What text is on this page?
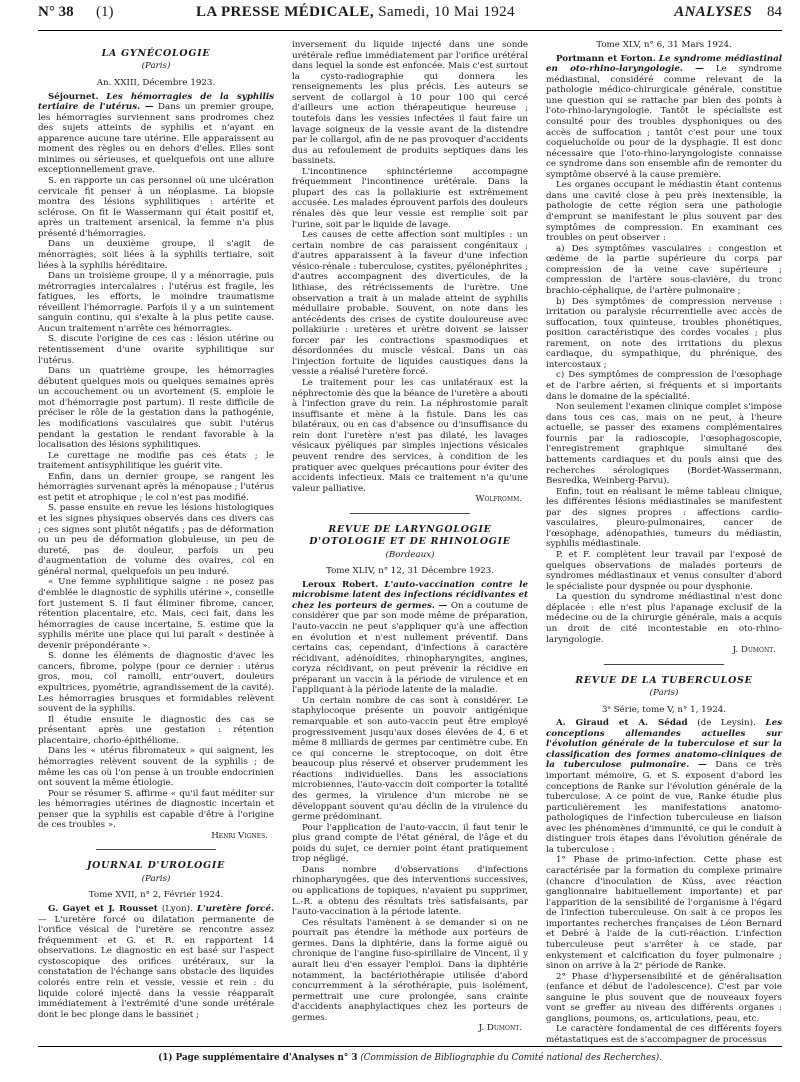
N° 38	(1)	LA PRESSE MÉDICALE, Samedi, 10 Mai 1924	ANALYSES	84
LA GYNÉCOLOGIE
(Paris)
An. XXIII, Décembre 1923.

Séjournet. Les hémorragies de la syphilis tertiaire de l'utérus. — Dans un premier groupe, les hémorragies surviennent sans prodromes chez des sujets atteints de syphilis et n'ayant en apparence aucune tare utérine. Elle apparaissent au moment des règles ou en dehors d'elles. Elles sont minimes ou sérieuses, et quelquefois ont une allure exceptionnellement grave.

S. en rapporte un cas personnel où une ulcération cervicale fit penser à un néoplasme. La biopsie montra des lésions syphilitiques : artérite et sclérose. On fit le Wassermann qui était positif et, après un traitement arsenical, la femme n'a plus présenté d'hémorragies.

Dans un deuxième groupe, il s'agit de ménorragies, soit liées à la syphilis tertiaire, soit liées à la syphilis héréditaire.

Dans un troisième groupe, il y a ménorragie, puis métrorragies intercalaires : l'utérus est fragile, les fatigues, les efforts, le moindre traumatisme réveillent l'hémorragie. Parfois il y a un suintement sanguin continu, qui s'exalte à la plus petite cause. Aucun traitement n'arrête ces hémorragies.

S. discute l'origine de ces cas : lésion utérine ou retentissement d'une ovarite syphilitique sur l'utérus.

Dans un quatrième groupe, les hémorragies débutent quelques mois ou quelques semaines après un accouchement ou un avortement (S. emploie le mot d'hémorragie post partum). Il reste difficile de préciser le rôle de la gestation dans la pathogénie, les modifications vasculaires que subit l'utérus pendant la gestation le rendant favorable à la localisation des lésions syphilitiques.

Le curettage ne modifie pas ces états ; le traitement antisyphilitique les guérit vite.

Enfin, dans un dernier groupe, se rangent les hémorragies survenant après la ménopause ; l'utérus est petit et atrophique ; le col n'est pas modifié.

S. passe ensuite en revue les lésions histologiques et les signes physiques observés dans ces divers cas ; ces signes sont plutôt négatifs ; pas de déformation ou un peu de déformation globuleuse, un peu de dureté, pas de douleur, parfois un peu d'augmentation de volume des ovaires, col en général normal, quelquefois un peu induré.

« Une femme syphilitique saigne : ne posez pas d'emblée le diagnostic de syphilis utérine », conseille fort justement S. Il faut éliminer fibrome, cancer, rétention placentaire, etc. Mais, ceci fait, dans les hémorragies de cause incertaine, S. estime que la syphilis mérite une place qui lui paraît « destinée à devenir prépondérante ».

S. donne les éléments de diagnostic d'avec les cancers, fibrome, polype (pour ce dernier : utérus gros, mou, col ramolli, entr'ouvert, douleurs expultrices, pyométrie, agrandissement de la cavité). Les hémorragies brusques et formidables relèvent souvent de la syphilis.

Il étudie ensuite le diagnostic des cas se présentant après une gestation : rétention placentaire, chorio-épithéliome.

Dans les « utérus fibromateux » qui saignent, les hémorragies relèvent souvent de la syphilis ; de même les cas où l'on pense à un trouble endocrinien ont souvent la même étiologie.

Pour se résumer S. affirme « qu'il faut méditer sur les hémorragies utérines de diagnostic incertain et penser que la syphilis est capable d'être à l'origine de ces troubles ».

Henri Vignes.
JOURNAL D'UROLOGIE
(Paris)
Tome XVII, n° 2, Février 1924.

G. Gayet et J. Rousset (Lyon). L'uretère forcé. — L'uretère forcé ou dilatation permanente de l'orifice vésical de l'uretère se rencontre assez fréquemment et G. et R. en rapportent 14 observations. Le diagnostic en est basé sur l'aspect cystoscopique des orifices urétéraux, sur la constatation de l'échange sans obstacle des liquides colorés entre rein et vessie, vessie et rein : du liquide coloré injecté dans la vessie réapparaît immédiatement à l'extrémité d'une sonde urétérale dont le bec plonge dans le bassinet ;

inversement du liquide injecté dans une sonde urétérale reflue immédiatement par l'orifice urétéral dans lequel la sonde est enfoncée. Mais c'est surtout la cysto-radiographie qui donnera les renseignements les plus précis. Les auteurs se servent de collargol à 10 pour 100 qui cercé d'ailleurs une action thérapeutique heureuse ; toutefois dans les vessies infectées il faut faire un lavage soigneux de la vessie avant de la distendre par le collargol, afin de ne pas provoquer d'accidents dus au refoulement de produits septiques dans les bassinets.

L'incontinence sphinctérienne accompagne fréquemment l'incontinence urétérale. Dans la plupart des cas la pollakiurie est extrêmement accusée. Les malades éprouvent parfois des douleurs rénales dès que leur vessie est remplie soit par l'urine, soit par le liquide de lavage.

Les causes de cette affection sont multiples : un certain nombre de cas paraissent congénitaux ; d'autres apparaissent à la faveur d'une infection vésico-rénale : tuberculose, cystites, pyélonéphrites ; d'autres accompagnent des diverticules, de la lithiase, des rétrécissements de l'urètre. Une observation a trait à un malade atteint de syphilis médullaire probable. Souvent, on note dans les antécédents des crises de cystite douloureuse avec pollakiurie : uretères et urètre doivent se laisser forcer par les contractions spasmodiques et désordonnées du muscle vésical. Dans un cas l'injection fortuite de liquides caustiques dans la vessie a réalisé l'uretère forcé.

Le traitement pour les cas unilatéraux est la néphrectomie dès que la béance de l'uretère a abouti à l'infection grave du rein. La néphrostomie paraît insuffisante et mène à la fistule. Dans les cas bilatéraux, ou en cas d'absence ou d'insuffisance du rein dont l'uretère n'est pas dilaté, les lavages vésicaux pyéliques par simples injections vésicales peuvent rendre des services, à condition de les pratiquer avec quelques précautions pour éviter des accidents infectieux. Mais ce traitement n'a qu'une valeur palliative.

Wolfromm.
REVUE DE LARYNGOLOGIE
D'OTOLOGIE ET DE RHINOLOGIE
(Bordeaux)
Tome XLIV, n° 12, 31 Décembre 1923.

Leroux Robert. L'auto-vaccination contre le microbisme latent des infections récidivantes et chez les porteurs de germes. — On a coutume de considérer que par son mode même de préparation, l'auto-vaccin ne peut s'appliquer qu'à une affection en évolution et n'est nullement préventif. Dans certains cas, cependant, d'infections à caractère récidivant, adénoïdites, rhinopharyngites, angines, coryza récidivant, on peut prévenir la récidive en préparant un vaccin à la période de virulence et en l'appliquant à la période latente de la maladie.

Un certain nombre de cas sont à considérer. Le staphylocoque présente un pouvoir antigénique remarquable et son auto-vaccin peut être employé progressivement jusqu'aux doses élevées de 4, 6 et même 8 milliards de germes par centimètre cube. En ce qui concerne le streptocoque, on doit être beaucoup plus réservé et observer prudemment les réactions individuelles. Dans les associations microbiennes, l'auto-vaccin doit comporter la totalité des germes, la virulence d'un microbe ne se développant souvent qu'au déclin de la virulence du germe prédominant.

Pour l'application de l'auto-vaccin, il faut tenir le plus grand compte de l'état général, de l'âge et du poids du sujet, ce dernier point étant pratiquement trop négligé.

Dans nombre d'observations d'infections rhinopharyngées, que des interventions successives, ou applications de topiques, n'avaient pu supprimer, L.-R. a obtenu des résultats très satisfaisants, par l'auto-vaccination à la période latente.

Ces résultats l'amènent à se demander si on ne pourrait pas étendre la méthode aux porteurs de germes. Dans la diphtérie, dans la forme aiguë ou chronique de l'angine fuso-spirillaire de Vincent, il y aurait lieu d'en essayer l'emploi. Dans la diphtérie notamment, la bactériothérapie utilisée d'abord concurremment à la sérothérapie, puis isolément, permettrait une cure prolongée, sans crainte d'accidents anaphylactiques chez les porteurs de germes.

J. Dumont.
Tome XLV, n° 6, 31 Mars 1924.

Portmann et Forton. Le syndrome médiastinal en oto-rhino-laryngologie. — Le syndrome médiastinal, considéré comme relevant de la pathologie médico-chirurgicale générale, constitue une question qui se rattache par bien des points à l'oto-rhino-laryngologie. Tantôt le spécialiste est consulté pour des troubles dysphoniques ou des accès de suffocation ; tantôt c'est pour une toux coqueluchoïde ou pour de la dysphagie. Il est donc nécessaire que l'oto-rhino-laryngologiste connaisse ce syndrome dans son ensemble afin de remonter du symptôme observé à la cause première.

Les organes occupant le médiastin étant contenus dans une cavité close à peu près inextensible, la pathologie de cette région sera une pathologie d'emprunt se manifestant le plus souvent par des symptômes de compression. En examinant ces troubles on peut observer :

a) Des symptômes vasculaires : congestion et œdème de la partie supérieure du corps par compression de la veine cave supérieure ; compression de l'artère sous-clavière, du tronc brachio-céphalique, de l'artère pulmonaire ;

b) Des symptômes de compression nerveuse : irritation ou paralysie récurrentielle avec accès de suffocation, toux quinteuse, troubles phonétiques, position caractéristique des cordes vocales ; plus rarement, on note des irritations du plexus cardiaque, du sympathique, du phrénique, des intercostaux ;

c) Des symptômes de compression de l'œsophage et de l'arbre aérien, si fréquents et si importants dans le domaine de la spécialité.

Non seulement l'examen clinique complet s'impose dans tous ces cas, mais on ne peut, à l'heure actuelle, se passer des examens complémentaires fournis par la radioscopie, l'œsophagoscopie, l'enregistrement graphique simultané des battements cardiaques et du pouls ainsi que des recherches sérologiques (Bordet-Wassermann, Besredka, Weinberg-Parvu).

Enfin, tout en réalisant le même tableau clinique, les différentes lésions médiastinales se manifestent par des signes propres : affections cardio-vasculaires, pleuro-pulmonaires, cancer de l'œsophage, adénopathies, tumeurs du médiastin, syphilis médiastinale.

P. et F. complètent leur travail par l'exposé de quelques observations de malades porteurs de syndromes médiastinaux et venus consulter d'abord le spécialiste pour dyspnée ou pour dysphonie.

La question du syndrome médiastinal n'est donc déplacée : elle n'est plus l'apanage exclusif de la médecine ou de la chirurgie générale, mais a acquis un droit de cité incontestable en oto-rhino-laryngologie.

J. Dumont.
REVUE DE LA TUBERCULOSE
(Paris)
3ᵉ Série, tome V, n° 1, 1924.

A. Giraud et A. Sédad (de Leysin). Les conceptions allemandes actuelles sur l'évolution générale de la tuberculose et sur la classification des formes anatomo-cliniques de la tuberculose pulmonaire. — Dans ce très important mémoire, G. et S. exposent d'abord les conceptions de Ranke sur l'évolution générale de la tuberculose. A ce point de vue, Ranke étudie plus particulièrement les manifestations anatomo-pathologiques de l'infection tuberculeuse en liaison avec les phénomènes d'immunité, ce qui le conduit à distinguer trois étapes dans l'évolution générale de la tuberculose :

1° Phase de primo-infection. Cette phase est caractérisée par la formation du complexe primaire (chancre d'inoculation de Küss, avec réaction ganglionnaire habituellement importante) et par l'apparition de la sensibilité de l'organisme à l'égard de l'infection tuberculeuse. On sait à ce propos les importantes recherches françaises de Léon Bernard et Debré à l'aide de la cuti-réaction. L'infection tuberculeuse peut s'arrêter à ce stade, par enkystement et calcification du foyer pulmonaire ; sinon on arrive à la 2ᵉ période de Ranke.

2° Phase d'hypersensibilité et de généralisation (enfance et début de l'adolescence). C'est par voie sanguine le plus souvent que de nouveaux foyers vont se greffer au niveau des différents organes : ganglions, poumons, os, articulations, peau, etc.

Le caractère fondamental de ces différents foyers métastatiques est de s'accompagner de processus

(1) Page supplémentaire d'Analyses n° 3 (Commission de Bibliographie du Comité national des Recherches).
